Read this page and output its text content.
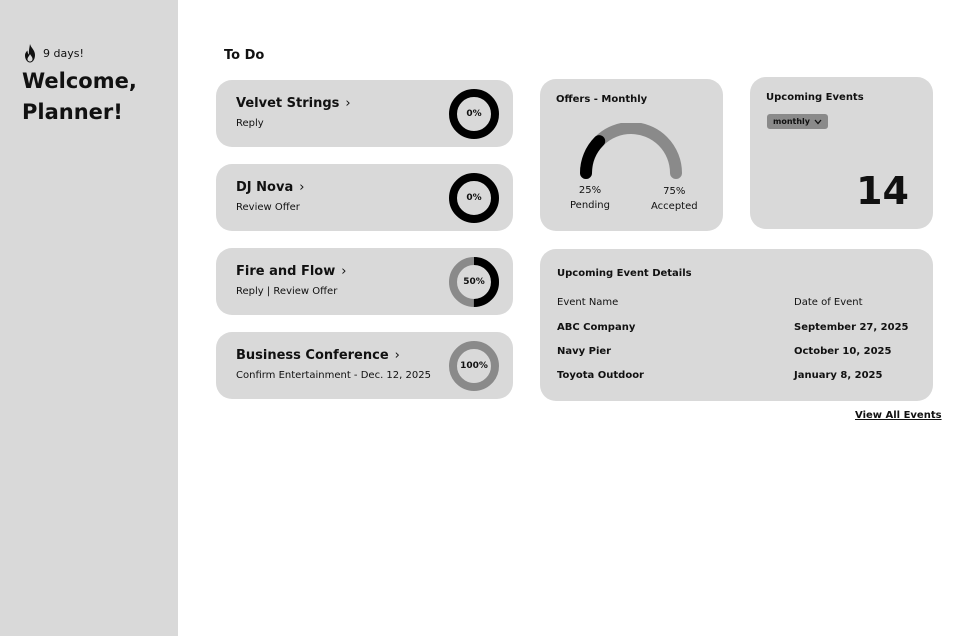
9 days!
Welcome, Planner!
To Do
Velvet Strings ›
Reply
0%
DJ Nova ›
Review Offer
0%
Fire and Flow ›
Reply | Review Offer
50%
Business Conference ›
Confirm Entertainment - Dec. 12, 2025
100%
Offers - Monthly
25%
Pending
75%
Accepted
Upcoming Events
monthly
14
Upcoming Event Details
Event Name	Date of Event
ABC Company	September 27, 2025
Navy Pier	October 10, 2025
Toyota Outdoor	January 8, 2025
View All Events
